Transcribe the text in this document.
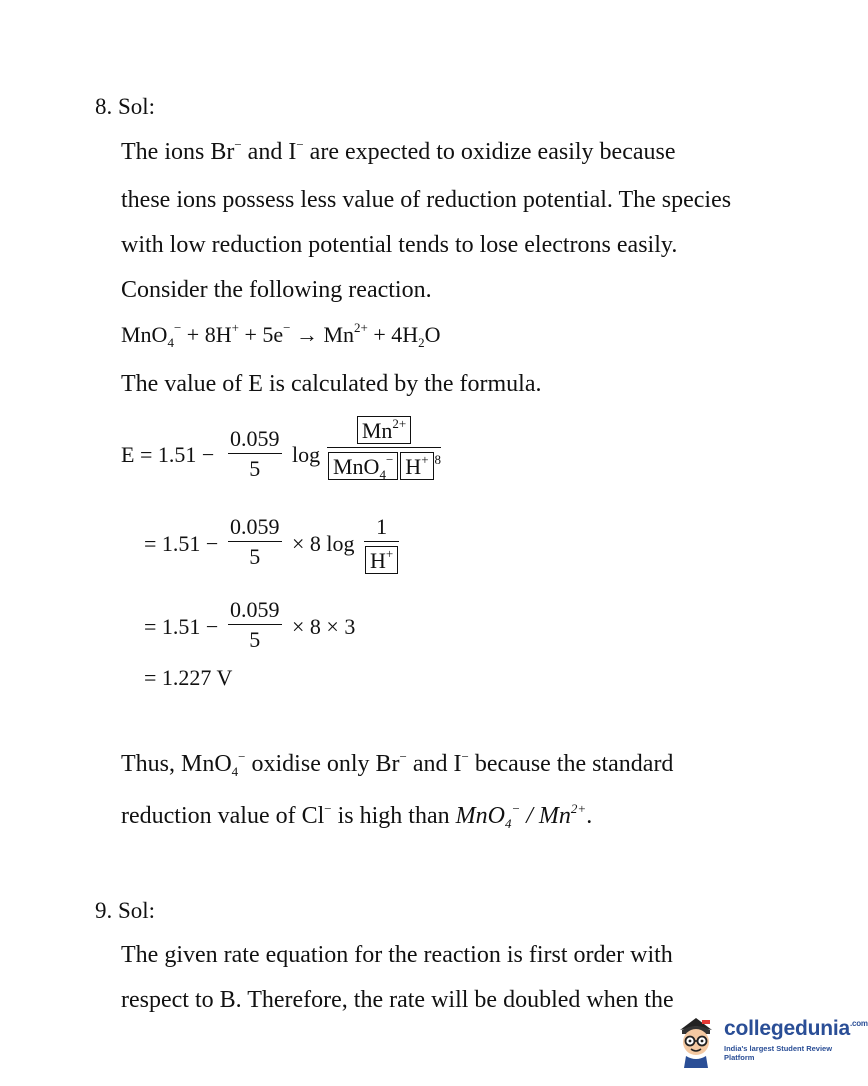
8. Sol:
The ions Br− and I− are expected to oxidize easily because
these ions possess less value of reduction potential. The species
with low reduction potential tends to lose electrons easily.
Consider the following reaction.
$MnO_4^- + 8H^+ + 5e^- \to Mn^{2+} + 4H_2O$
The value of E is calculated by the formula.
E = 1.51 −
0.059
5
log
$Mn^{2+}$
MnO$_4$− H+ $^8$
= 1.51 −
0.059
5
× 8 log
1
H+
= 1.51 −
0.059
5
× 8 × 3
= 1.227 V
Thus, MnO$_4$− oxidise only Br− and I− because the standard
reduction value of Cl− is high than $MnO_4^- / Mn^{2+}$.
9. Sol:
The given rate equation for the reaction is first order with
respect to B. Therefore, the rate will be doubled when the
collegedunia$^{.com}$
India's largest Student Review Platform
